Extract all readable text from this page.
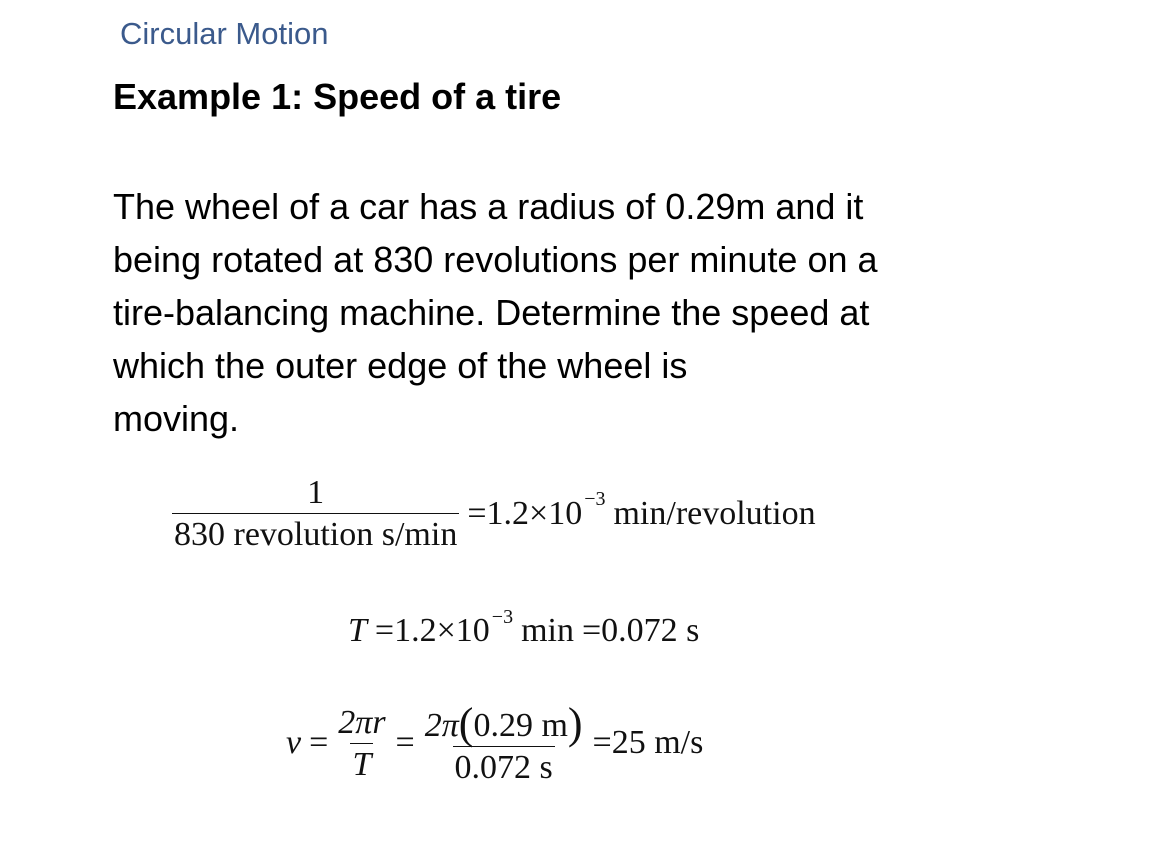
Circular Motion
Example 1: Speed of a tire
The wheel of a car has a radius of 0.29m and it
being rotated at 830 revolutions per minute on a
tire-balancing machine. Determine the speed at
which the outer edge of the wheel is
moving.
$\frac{1}{\text{830 revolution s/min}} = 1.2\times 10 -3$ min/revolution
T = 1.2×10 −3 min = 0.072 s
$v = \frac{2\pi r}{T} = \frac{2\pi(0.29 m)}{0.072 s} = 25$ m/s
